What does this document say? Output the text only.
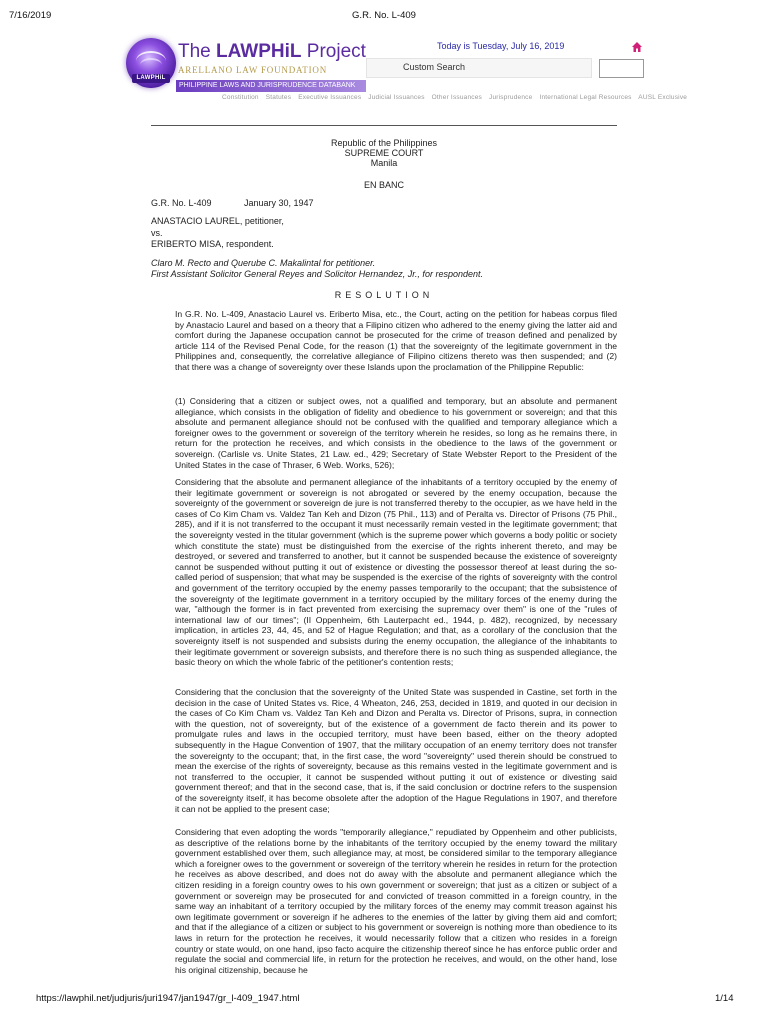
7/16/2019	G.R. No. L-409
LAWPHiL
The LAWPHiL Project
ARELLANO LAW FOUNDATION
PHILIPPINE LAWS AND JURISPRUDENCE DATABANK
Today is Tuesday, July 16, 2019
Custom Search
Constitution Statutes Executive Issuances Judicial Issuances Other Issuances Jurisprudence International Legal Resources AUSL Exclusive
Republic of the Philippines
SUPREME COURT
Manila
EN BANC
G.R. No. L-409	January 30, 1947
ANASTACIO LAUREL, petitioner,
vs.
ERIBERTO MISA, respondent.
Claro M. Recto and Querube C. Makalintal for petitioner.
First Assistant Solicitor General Reyes and Solicitor Hernandez, Jr., for respondent.
RESOLUTION
In G.R. No. L-409, Anastacio Laurel vs. Eriberto Misa, etc., the Court, acting on the petition for habeas corpus filed by Anastacio Laurel and based on a theory that a Filipino citizen who adhered to the enemy giving the latter aid and comfort during the Japanese occupation cannot be prosecuted for the crime of treason defined and penalized by article 114 of the Revised Penal Code, for the reason (1) that the sovereignty of the legitimate government in the Philippines and, consequently, the correlative allegiance of Filipino citizens thereto was then suspended; and (2) that there was a change of sovereignty over these Islands upon the proclamation of the Philippine Republic:
(1) Considering that a citizen or subject owes, not a qualified and temporary, but an absolute and permanent allegiance, which consists in the obligation of fidelity and obedience to his government or sovereign; and that this absolute and permanent allegiance should not be confused with the qualified and temporary allegiance which a foreigner owes to the government or sovereign of the territory wherein he resides, so long as he remains there, in return for the protection he receives, and which consists in the obedience to the laws of the government or sovereign. (Carlisle vs. Unite States, 21 Law. ed., 429; Secretary of State Webster Report to the President of the United States in the case of Thraser, 6 Web. Works, 526);
Considering that the absolute and permanent allegiance of the inhabitants of a territory occupied by the enemy of their legitimate government or sovereign is not abrogated or severed by the enemy occupation, because the sovereignty of the government or sovereign de jure is not transferred thereby to the occupier, as we have held in the cases of Co Kim Cham vs. Valdez Tan Keh and Dizon (75 Phil., 113) and of Peralta vs. Director of Prisons (75 Phil., 285), and if it is not transferred to the occupant it must necessarily remain vested in the legitimate government; that the sovereignty vested in the titular government (which is the supreme power which governs a body politic or society which constitute the state) must be distinguished from the exercise of the rights inherent thereto, and may be destroyed, or severed and transferred to another, but it cannot be suspended because the existence of sovereignty cannot be suspended without putting it out of existence or divesting the possessor thereof at least during the so-called period of suspension; that what may be suspended is the exercise of the rights of sovereignty with the control and government of the territory occupied by the enemy passes temporarily to the occupant; that the subsistence of the sovereignty of the legitimate government in a territory occupied by the military forces of the enemy during the war, "although the former is in fact prevented from exercising the supremacy over them" is one of the "rules of international law of our times"; (II Oppenheim, 6th Lauterpacht ed., 1944, p. 482), recognized, by necessary implication, in articles 23, 44, 45, and 52 of Hague Regulation; and that, as a corollary of the conclusion that the sovereignty itself is not suspended and subsists during the enemy occupation, the allegiance of the inhabitants to their legitimate government or sovereign subsists, and therefore there is no such thing as suspended allegiance, the basic theory on which the whole fabric of the petitioner's contention rests;
Considering that the conclusion that the sovereignty of the United State was suspended in Castine, set forth in the decision in the case of United States vs. Rice, 4 Wheaton, 246, 253, decided in 1819, and quoted in our decision in the cases of Co Kim Cham vs. Valdez Tan Keh and Dizon and Peralta vs. Director of Prisons, supra, in connection with the question, not of sovereignty, but of the existence of a government de facto therein and its power to promulgate rules and laws in the occupied territory, must have been based, either on the theory adopted subsequently in the Hague Convention of 1907, that the military occupation of an enemy territory does not transfer the sovereignty to the occupant; that, in the first case, the word "sovereignty" used therein should be construed to mean the exercise of the rights of sovereignty, because as this remains vested in the legitimate government and is not transferred to the occupier, it cannot be suspended without putting it out of existence or divesting said government thereof; and that in the second case, that is, if the said conclusion or doctrine refers to the suspension of the sovereignty itself, it has become obsolete after the adoption of the Hague Regulations in 1907, and therefore it can not be applied to the present case;
Considering that even adopting the words "temporarily allegiance," repudiated by Oppenheim and other publicists, as descriptive of the relations borne by the inhabitants of the territory occupied by the enemy toward the military government established over them, such allegiance may, at most, be considered similar to the temporary allegiance which a foreigner owes to the government or sovereign of the territory wherein he resides in return for the protection he receives as above described, and does not do away with the absolute and permanent allegiance which the citizen residing in a foreign country owes to his own government or sovereign; that just as a citizen or subject of a government or sovereign may be prosecuted for and convicted of treason committed in a foreign country, in the same way an inhabitant of a territory occupied by the military forces of the enemy may commit treason against his own legitimate government or sovereign if he adheres to the enemies of the latter by giving them aid and comfort; and that if the allegiance of a citizen or subject to his government or sovereign is nothing more than obedience to its laws in return for the protection he receives, it would necessarily follow that a citizen who resides in a foreign country or state would, on one hand, ipso facto acquire the citizenship thereof since he has enforce public order and regulate the social and commercial life, in return for the protection he receives, and would, on the other hand, lose his original citizenship, because he
https://lawphil.net/judjuris/juri1947/jan1947/gr_l-409_1947.html	1/14
